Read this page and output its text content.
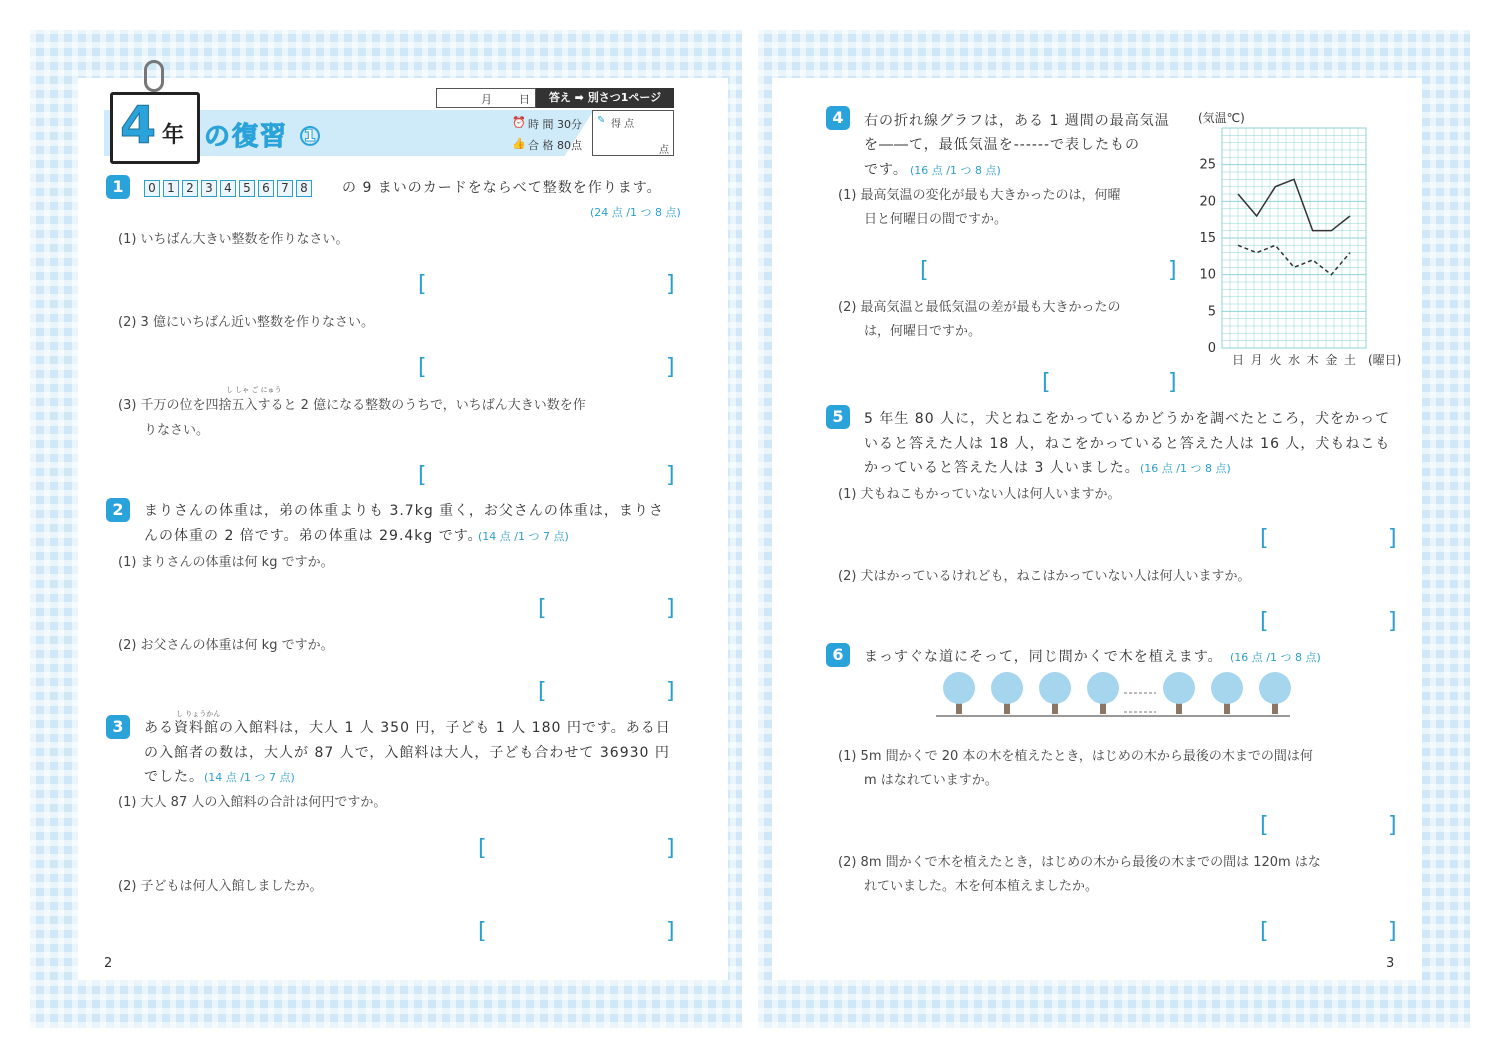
4 年 の復習 ①
月 日	答え ➡ 別さつ1ページ
⏰ 時 間 30分
👍 合 格 80点
✎ 得 点
点
1	0 1 2 3 4 5 6 7 8	の 9 まいのカードをならべて整数を作ります。
(24 点 /1 つ 8 点)
(1) いちばん大きい整数を作りなさい。
[	]
(2) 3 億にいちばん近い整数を作りなさい。
[	]
し しゃ ご にゅう
(3) 千万の位を四捨五入すると 2 億になる整数のうちで，いちばん大きい数を作
りなさい。
[	]
2	まりさんの体重は，弟の体重よりも 3.7kg 重く，お父さんの体重は，まりさ
んの体重の 2 倍です。弟の体重は 29.4kg です。
(14 点 /1 つ 7 点)
(1) まりさんの体重は何 kg ですか。
[	]
(2) お父さんの体重は何 kg ですか。
[	]
3
し りょうかん
ある資料館の入館料は，大人 1 人 350 円，子ども 1 人 180 円です。ある日
の入館者の数は，大人が 87 人で，入館料は大人，子ども合わせて 36930 円
でした。 (14 点 /1 つ 7 点)
(1) 大人 87 人の入館料の合計は何円ですか。
[	]
(2) 子どもは何人入館しましたか。
[	]
2
4	右の折れ線グラフは，ある 1 週間の最高気温
を――て，最低気温を------で表したもの
です。 (16 点 /1 つ 8 点)
(1) 最高気温の変化が最も大きかったのは，何曜
日と何曜日の間ですか。
[	]
(2) 最高気温と最低気温の差が最も大きかったの
は，何曜日ですか。
[	]
0
5
10
15
20
25
(気温℃)
日 月 火 水 木 金 土 (曜日)
5	5 年生 80 人に，犬とねこをかっているかどうかを調べたところ，犬をかって
いると答えた人は 18 人，ねこをかっていると答えた人は 16 人，犬もねこも
かっていると答えた人は 3 人いました。 (16 点 /1 つ 8 点)
(1) 犬もねこもかっていない人は何人いますか。
[	]
(2) 犬はかっているけれども，ねこはかっていない人は何人いますか。
[	]
6	まっすぐな道にそって，同じ間かくで木を植えます。 (16 点 /1 つ 8 点)
(1) 5m 間かくで 20 本の木を植えたとき，はじめの木から最後の木までの間は何
m はなれていますか。
[	]
(2) 8m 間かくで木を植えたとき，はじめの木から最後の木までの間は 120m はな
れていました。木を何本植えましたか。
[	]
3
